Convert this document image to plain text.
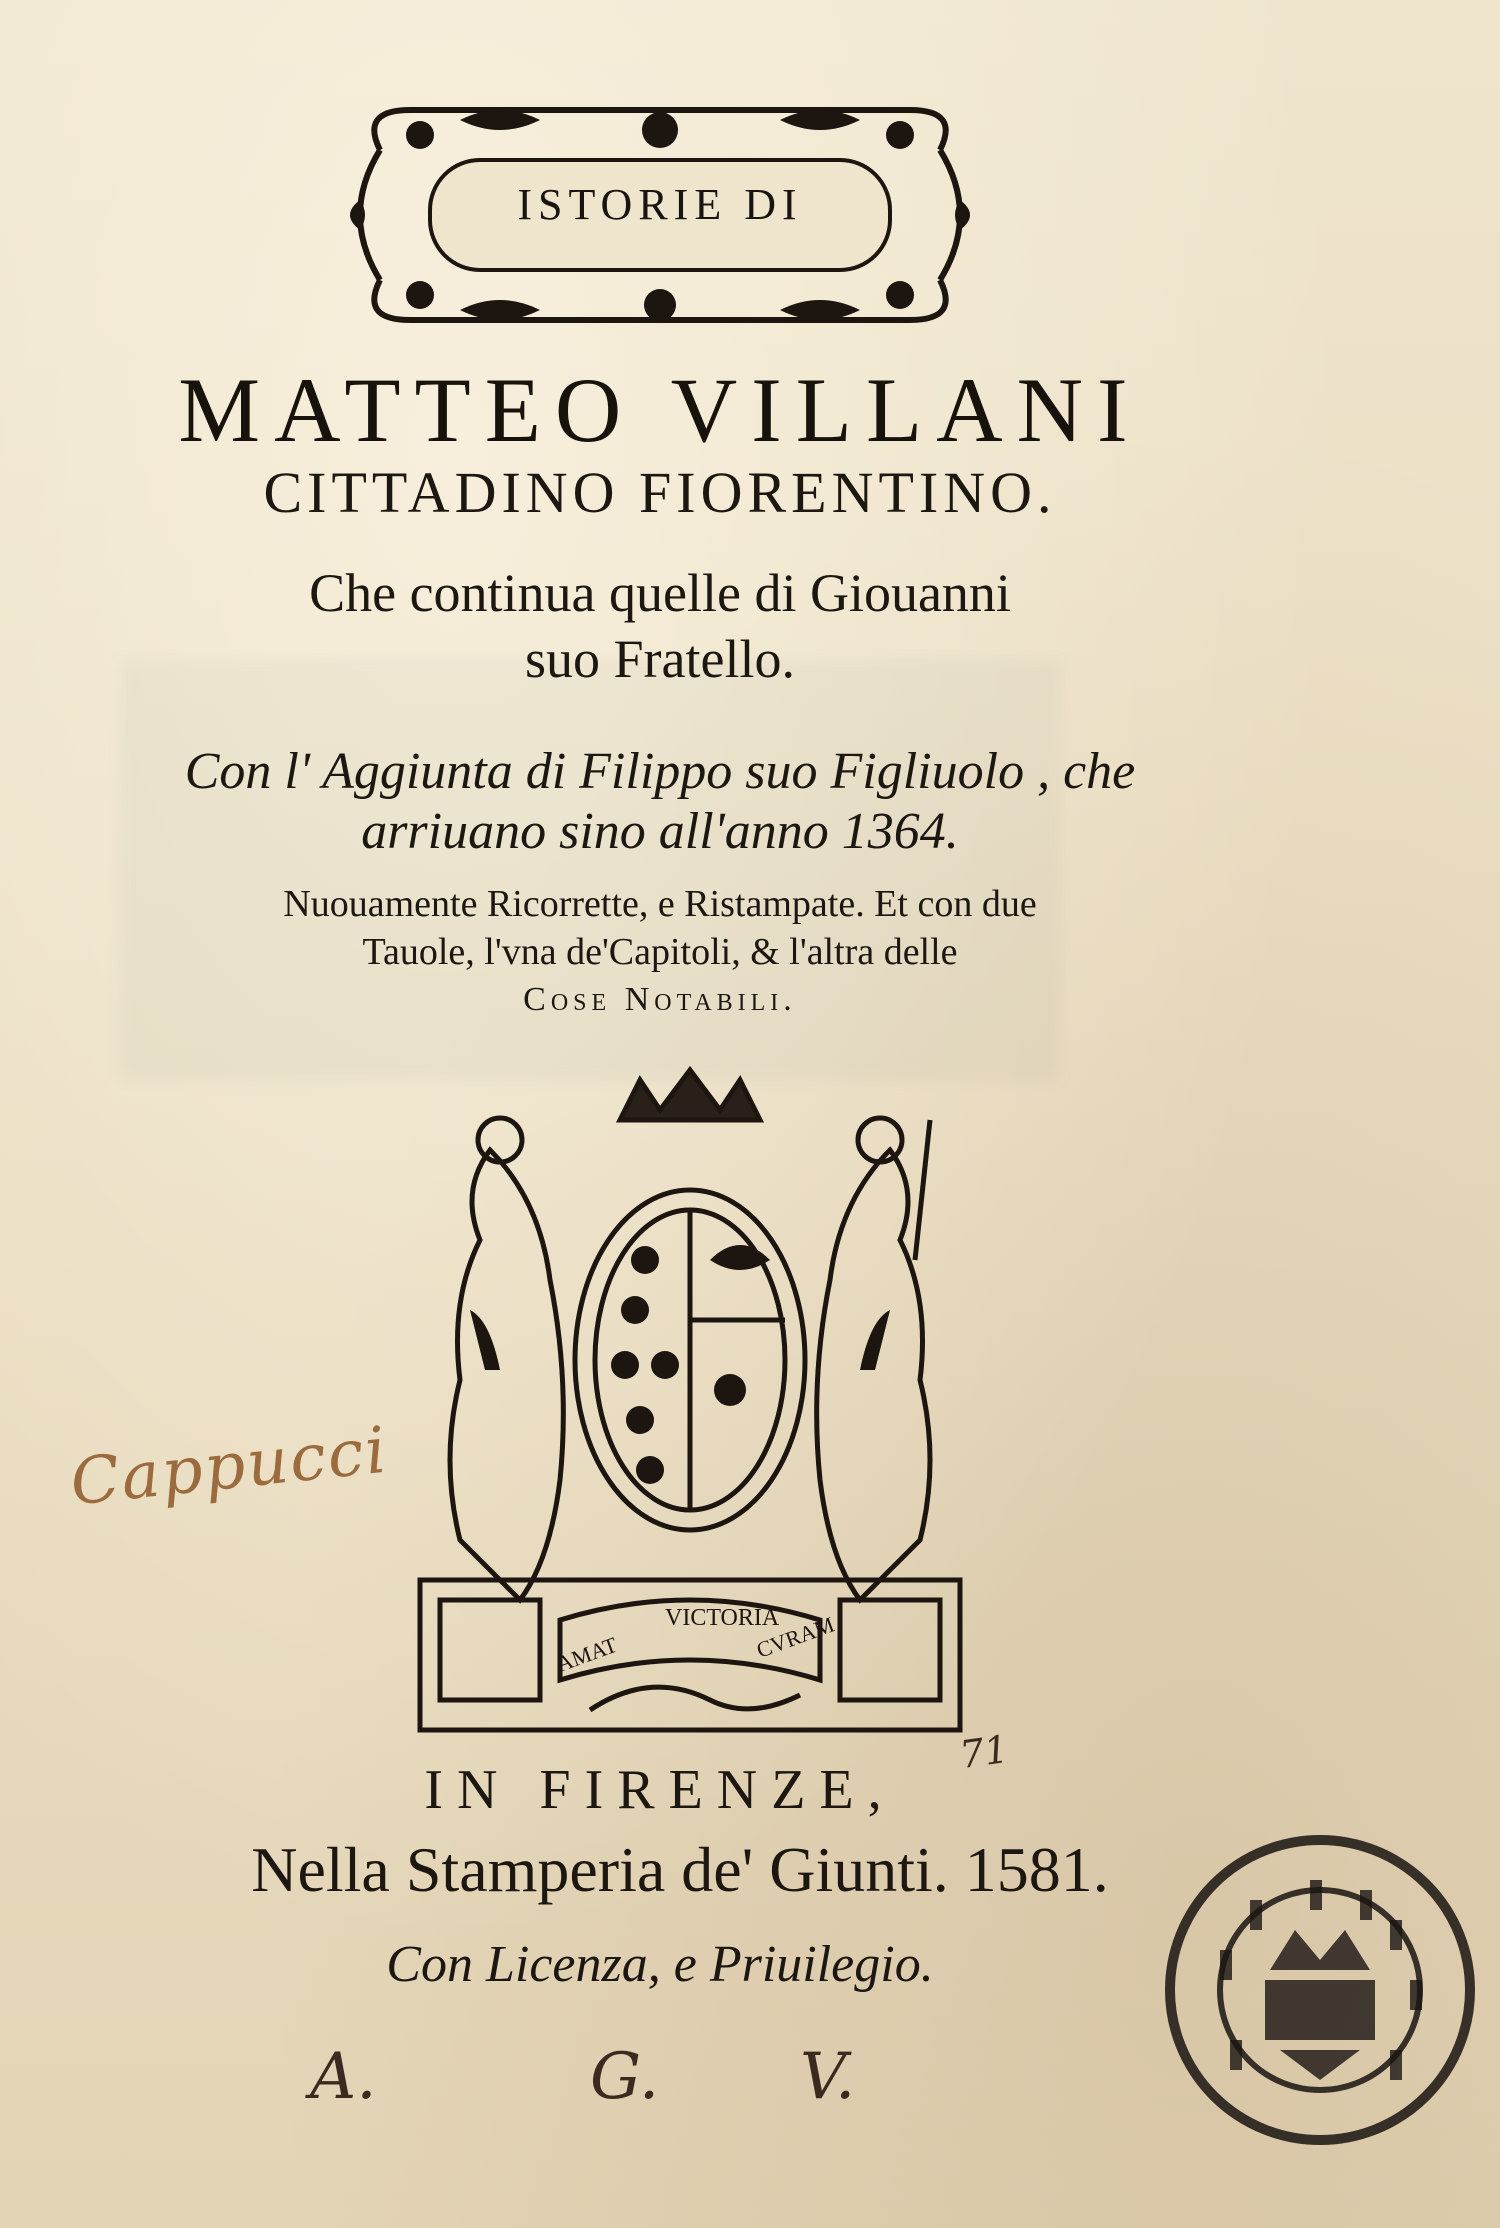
ISTORIE DI
MATTEO VILLANI
CITTADINO FIORENTINO.
Che continua quelle di Giouanni
suo Fratello.
Con l' Aggiunta di Filippo suo Figliuolo , che
arriuano sino all'anno 1364.
Nuouamente Ricorrette, e Ristampate. Et con due
Tauole, l'vna de'Capitoli, & l'altra delle
Cose Notabili.
VICTORIA
AMAT	CVRAM
IN FIRENZE,
Nella Stamperia de' Giunti. 1581.
Con Licenza, e Priuilegio.
71
A.	G. V.
Cappucci
